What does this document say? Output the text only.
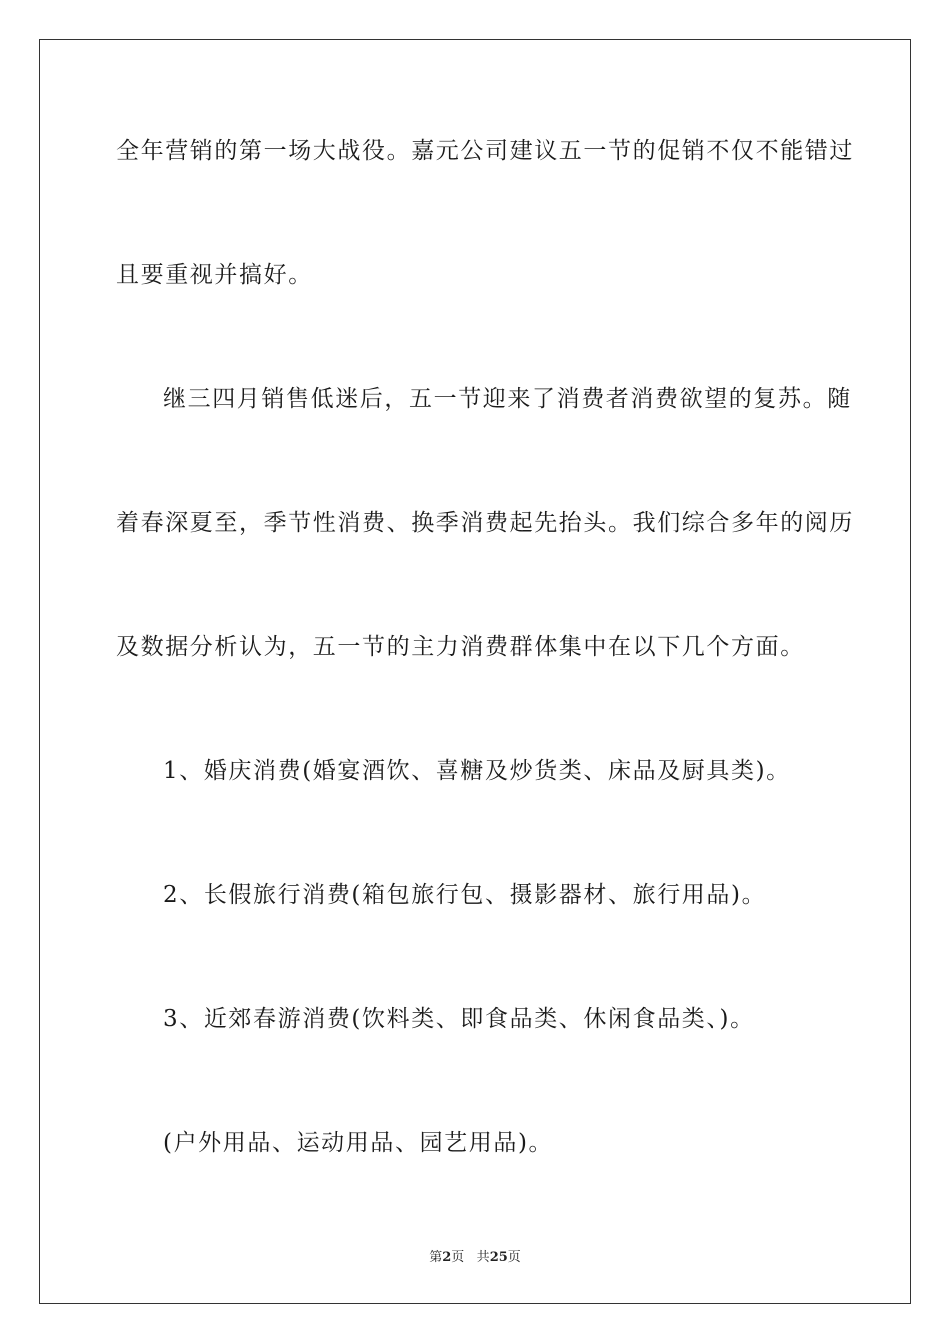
全年营销的第一场大战役。嘉元公司建议五一节的促销不仅不能错过
且要重视并搞好。
继三四月销售低迷后，五一节迎来了消费者消费欲望的复苏。随
着春深夏至，季节性消费、换季消费起先抬头。我们综合多年的阅历
及数据分析认为，五一节的主力消费群体集中在以下几个方面。
1、婚庆消费(婚宴酒饮、喜糖及炒货类、床品及厨具类)。
2、长假旅行消费(箱包旅行包、摄影器材、旅行用品)。
3、近郊春游消费(饮料类、即食品类、休闲食品类、)。
(户外用品、运动用品、园艺用品)。
第2页 共25页
